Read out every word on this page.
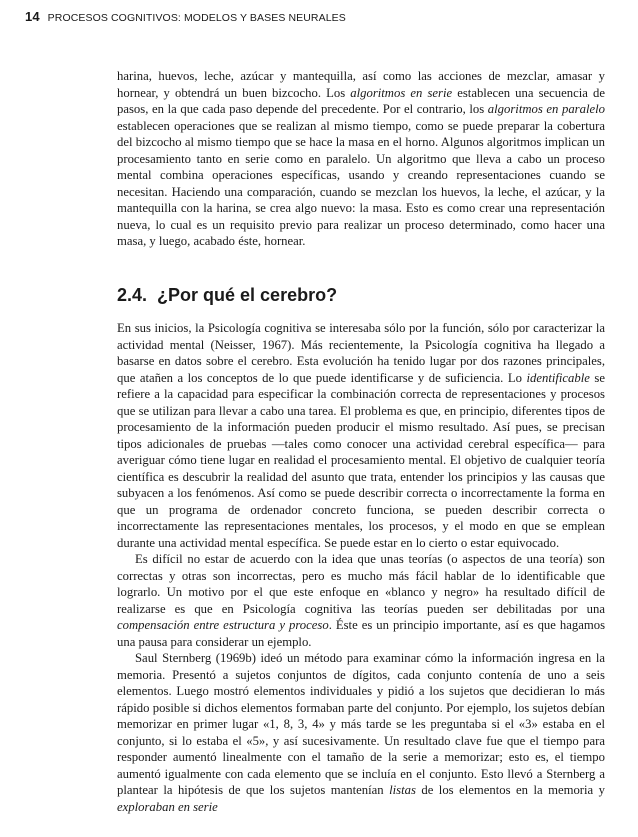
14 PROCESOS COGNITIVOS: MODELOS Y BASES NEURALES

harina, huevos, leche, azúcar y mantequilla, así como las acciones de mezclar, amasar y hornear, y obtendrá un buen bizcocho. Los algoritmos en serie establecen una secuencia de pasos, en la que cada paso depende del precedente. Por el contrario, los algoritmos en paralelo establecen operaciones que se realizan al mismo tiempo, como se puede preparar la cobertura del bizcocho al mismo tiempo que se hace la masa en el horno. Algunos algoritmos implican un procesamiento tanto en serie como en paralelo. Un algoritmo que lleva a cabo un proceso mental combina operaciones específicas, usando y creando representaciones cuando se necesitan. Haciendo una comparación, cuando se mezclan los huevos, la leche, el azúcar, y la mantequilla con la harina, se crea algo nuevo: la masa. Esto es como crear una representación nueva, lo cual es un requisito previo para realizar un proceso determinado, como hacer una masa, y luego, acabado éste, hornear.

2.4. ¿Por qué el cerebro?

En sus inicios, la Psicología cognitiva se interesaba sólo por la función, sólo por caracterizar la actividad mental (Neisser, 1967). Más recientemente, la Psicología cognitiva ha llegado a basarse en datos sobre el cerebro. Esta evolución ha tenido lugar por dos razones principales, que atañen a los conceptos de lo que puede identificarse y de suficiencia. Lo identificable se refiere a la capacidad para especificar la combinación correcta de representaciones y procesos que se utilizan para llevar a cabo una tarea. El problema es que, en principio, diferentes tipos de procesamiento de la información pueden producir el mismo resultado. Así pues, se precisan tipos adicionales de pruebas —tales como conocer una actividad cerebral específica— para averiguar cómo tiene lugar en realidad el procesamiento mental. El objetivo de cualquier teoría científica es descubrir la realidad del asunto que trata, entender los principios y las causas que subyacen a los fenómenos. Así como se puede describir correcta o incorrectamente la forma en que un programa de ordenador concreto funciona, se pueden describir correcta o incorrectamente las representaciones mentales, los procesos, y el modo en que se emplean durante una actividad mental específica. Se puede estar en lo cierto o estar equivocado.

Es difícil no estar de acuerdo con la idea que unas teorías (o aspectos de una teoría) son correctas y otras son incorrectas, pero es mucho más fácil hablar de lo identificable que lograrlo. Un motivo por el que este enfoque en «blanco y negro» ha resultado difícil de realizarse es que en Psicología cognitiva las teorías pueden ser debilitadas por una compensación entre estructura y proceso. Éste es un principio importante, así es que hagamos una pausa para considerar un ejemplo.

Saul Sternberg (1969b) ideó un método para examinar cómo la información ingresa en la memoria. Presentó a sujetos conjuntos de dígitos, cada conjunto contenía de uno a seis elementos. Luego mostró elementos individuales y pidió a los sujetos que decidieran lo más rápido posible si dichos elementos formaban parte del conjunto. Por ejemplo, los sujetos debían memorizar en primer lugar «1, 8, 3, 4» y más tarde se les preguntaba si el «3» estaba en el conjunto, si lo estaba el «5», y así sucesivamente. Un resultado clave fue que el tiempo para responder aumentó linealmente con el tamaño de la serie a memorizar; esto es, el tiempo aumentó igualmente con cada elemento que se incluía en el conjunto. Esto llevó a Sternberg a plantear la hipótesis de que los sujetos mantenían listas de los elementos en la memoria y exploraban en serie
